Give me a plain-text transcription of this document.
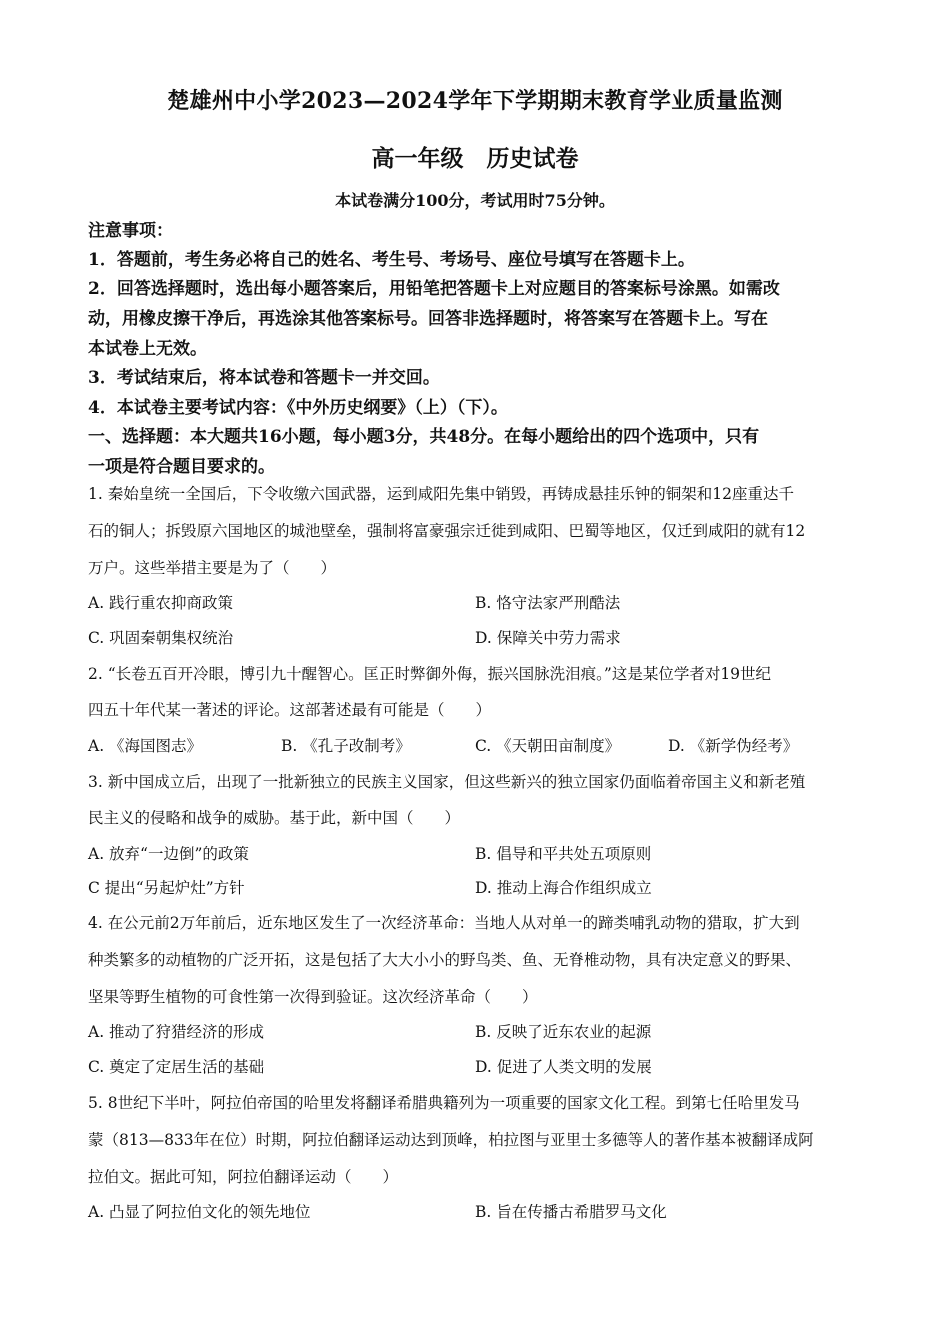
楚雄州中小学2023—2024学年下学期期末教育学业质量监测
高一年级　历史试卷
本试卷满分100分，考试用时75分钟。
注意事项：
1．答题前，考生务必将自己的姓名、考生号、考场号、座位号填写在答题卡上。
2．回答选择题时，选出每小题答案后，用铅笔把答题卡上对应题目的答案标号涂黑。如需改
动，用橡皮擦干净后，再选涂其他答案标号。回答非选择题时，将答案写在答题卡上。写在
本试卷上无效。
3．考试结束后，将本试卷和答题卡一并交回。
4．本试卷主要考试内容：《中外历史纲要》（上）（下）。
一、选择题：本大题共16小题，每小题3分，共48分。在每小题给出的四个选项中，只有
一项是符合题目要求的。
1. 秦始皇统一全国后，下令收缴六国武器，运到咸阳先集中销毁，再铸成悬挂乐钟的铜架和12座重达千
石的铜人；拆毁原六国地区的城池壁垒，强制将富豪强宗迁徙到咸阳、巴蜀等地区，仅迁到咸阳的就有12
万户。这些举措主要是为了（　　）
A. 践行重农抑商政策	B. 恪守法家严刑酷法
C. 巩固秦朝集权统治	D. 保障关中劳力需求
2. “长卷五百开冷眼，博引九十醒智心。匡正时弊御外侮，振兴国脉洗泪痕。”这是某位学者对19世纪
四五十年代某一著述的评论。这部著述最有可能是（　　）
A. 《海国图志》	B. 《孔子改制考》	C. 《天朝田亩制度》	D. 《新学伪经考》
3. 新中国成立后，出现了一批新独立的民族主义国家，但这些新兴的独立国家仍面临着帝国主义和新老殖
民主义的侵略和战争的威胁。基于此，新中国（　　）
A. 放弃“一边倒”的政策	B. 倡导和平共处五项原则
C 提出“另起炉灶”方针	D. 推动上海合作组织成立
4. 在公元前2万年前后，近东地区发生了一次经济革命：当地人从对单一的蹄类哺乳动物的猎取，扩大到
种类繁多的动植物的广泛开拓，这是包括了大大小小的野鸟类、鱼、无脊椎动物，具有决定意义的野果、
坚果等野生植物的可食性第一次得到验证。这次经济革命（　　）
A. 推动了狩猎经济的形成	B. 反映了近东农业的起源
C. 奠定了定居生活的基础	D. 促进了人类文明的发展
5. 8世纪下半叶，阿拉伯帝国的哈里发将翻译希腊典籍列为一项重要的国家文化工程。到第七任哈里发马
蒙（813—833年在位）时期，阿拉伯翻译运动达到顶峰，柏拉图与亚里士多德等人的著作基本被翻译成阿
拉伯文。据此可知，阿拉伯翻译运动（　　）
A. 凸显了阿拉伯文化的领先地位	B. 旨在传播古希腊罗马文化
